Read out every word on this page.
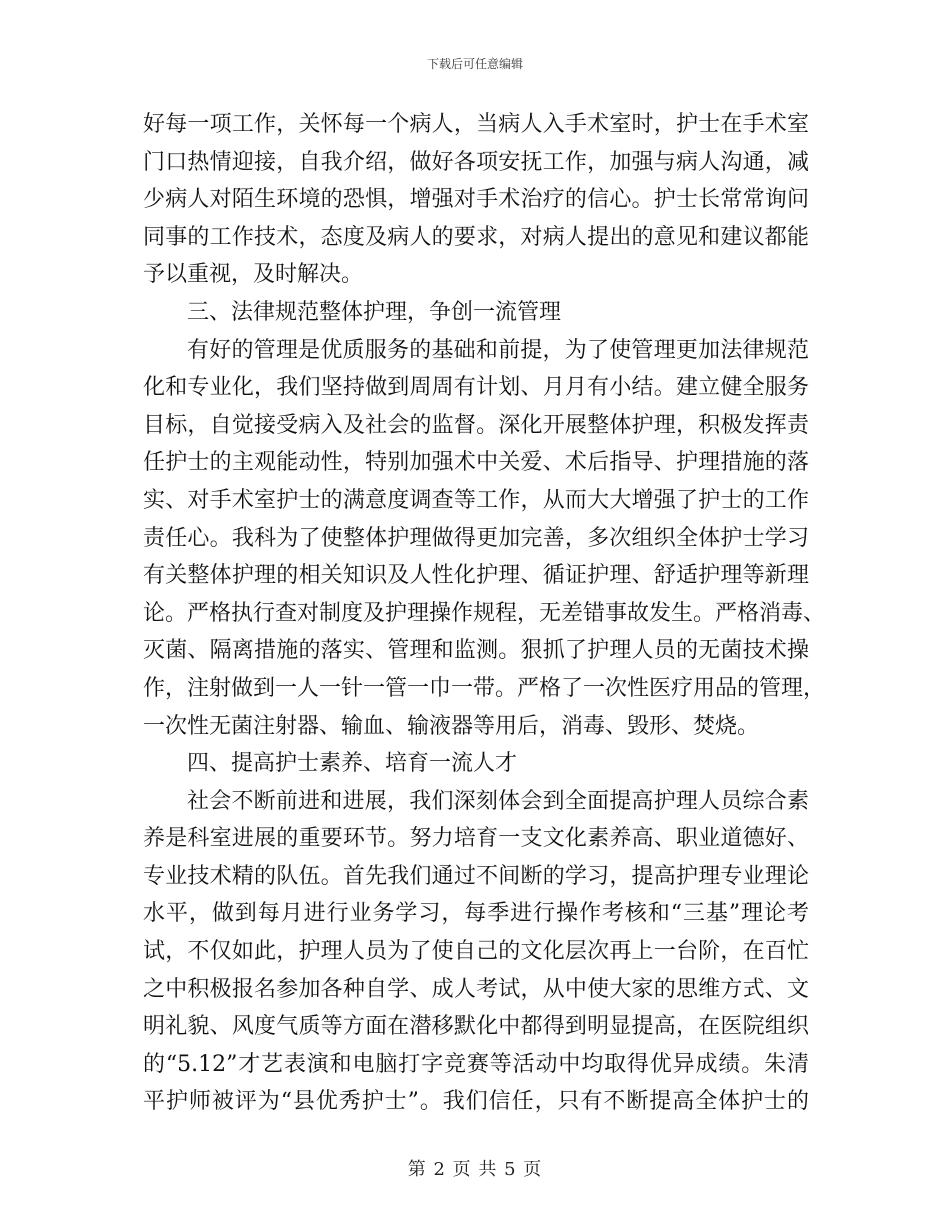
下载后可任意编辑
好每一项工作，关怀每一个病人，当病人入手术室时，护士在手术室
门口热情迎接，自我介绍，做好各项安抚工作，加强与病人沟通，减
少病人对陌生环境的恐惧，增强对手术治疗的信心。护士长常常询问
同事的工作技术，态度及病人的要求，对病人提出的意见和建议都能
予以重视，及时解决。
三、法律规范整体护理，争创一流管理
有好的管理是优质服务的基础和前提，为了使管理更加法律规范
化和专业化，我们坚持做到周周有计划、月月有小结。建立健全服务
目标，自觉接受病入及社会的监督。深化开展整体护理，积极发挥责
任护士的主观能动性，特别加强术中关爱、术后指导、护理措施的落
实、对手术室护士的满意度调查等工作，从而大大增强了护士的工作
责任心。我科为了使整体护理做得更加完善，多次组织全体护士学习
有关整体护理的相关知识及人性化护理、循证护理、舒适护理等新理
论。严格执行查对制度及护理操作规程，无差错事故发生。严格消毒、
灭菌、隔离措施的落实、管理和监测。狠抓了护理人员的无菌技术操
作，注射做到一人一针一管一巾一带。严格了一次性医疗用品的管理，
一次性无菌注射器、输血、输液器等用后，消毒、毁形、焚烧。
四、提高护士素养、培育一流人才
社会不断前进和进展，我们深刻体会到全面提高护理人员综合素
养是科室进展的重要环节。努力培育一支文化素养高、职业道德好、
专业技术精的队伍。首先我们通过不间断的学习，提高护理专业理论
水平，做到每月进行业务学习，每季进行操作考核和“三基”理论考
试，不仅如此，护理人员为了使自己的文化层次再上一台阶，在百忙
之中积极报名参加各种自学、成人考试，从中使大家的思维方式、文
明礼貌、风度气质等方面在潜移默化中都得到明显提高，在医院组织
的“5.12”才艺表演和电脑打字竞赛等活动中均取得优异成绩。朱清
平护师被评为“县优秀护士”。我们信任，只有不断提高全体护士的
第 2 页 共 5 页
